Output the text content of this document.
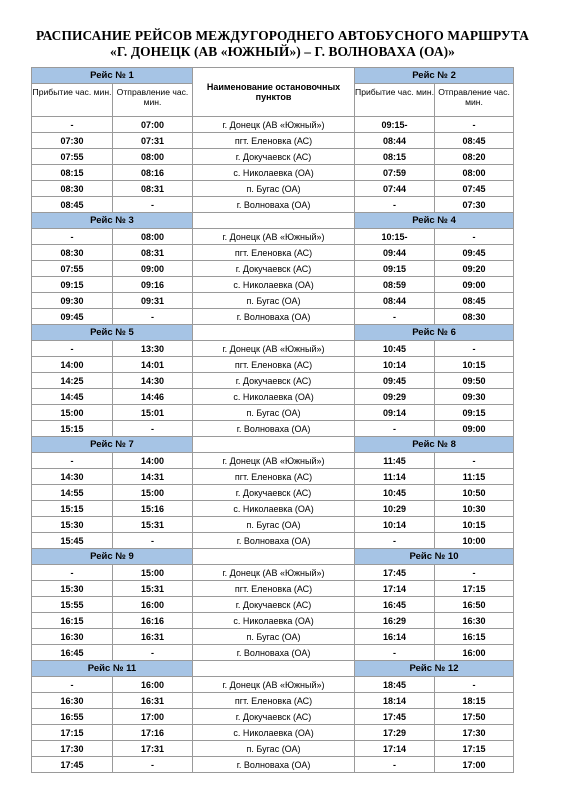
РАСПИСАНИЕ РЕЙСОВ МЕЖДУГОРОДНЕГО АВТОБУСНОГО МАРШРУТА
«Г. ДОНЕЦК (АВ «ЮЖНЫЙ») – Г. ВОЛНОВАХА (ОА)»
Рейс № 1		Наименование остановочных пунктов	Рейс № 2	
Прибытие час. мин.	Отправление час. мин.		Прибытие час. мин.	Отправление час. мин.
-	07:00	г. Донецк (АВ «Южный»)	09:15-	-
07:30	07:31	пгт. Еленовка (АС)	08:44	08:45
07:55	08:00	г. Докучаевск (АС)	08:15	08:20
08:15	08:16	с. Николаевка (ОА)	07:59	08:00
08:30	08:31	п. Бугас (ОА)	07:44	07:45
08:45	-	г. Волноваха (ОА)	-	07:30
Рейс № 3			Рейс № 4	
-	08:00	г. Донецк (АВ «Южный»)	10:15-	-
08:30	08:31	пгт. Еленовка (АС)	09:44	09:45
07:55	09:00	г. Докучаевск (АС)	09:15	09:20
09:15	09:16	с. Николаевка (ОА)	08:59	09:00
09:30	09:31	п. Бугас (ОА)	08:44	08:45
09:45	-	г. Волноваха (ОА)	-	08:30
Рейс № 5			Рейс № 6	
-	13:30	г. Донецк (АВ «Южный»)	10:45	-
14:00	14:01	пгт. Еленовка (АС)	10:14	10:15
14:25	14:30	г. Докучаевск (АС)	09:45	09:50
14:45	14:46	с. Николаевка (ОА)	09:29	09:30
15:00	15:01	п. Бугас (ОА)	09:14	09:15
15:15	-	г. Волноваха (ОА)	-	09:00
Рейс № 7			Рейс № 8	
-	14:00	г. Донецк (АВ «Южный»)	11:45	-
14:30	14:31	пгт. Еленовка (АС)	11:14	11:15
14:55	15:00	г. Докучаевск (АС)	10:45	10:50
15:15	15:16	с. Николаевка (ОА)	10:29	10:30
15:30	15:31	п. Бугас (ОА)	10:14	10:15
15:45	-	г. Волноваха (ОА)	-	10:00
Рейс № 9			Рейс № 10	
-	15:00	г. Донецк (АВ «Южный»)	17:45	-
15:30	15:31	пгт. Еленовка (АС)	17:14	17:15
15:55	16:00	г. Докучаевск (АС)	16:45	16:50
16:15	16:16	с. Николаевка (ОА)	16:29	16:30
16:30	16:31	п. Бугас (ОА)	16:14	16:15
16:45	-	г. Волноваха (ОА)	-	16:00
Рейс № 11			Рейс № 12	
-	16:00	г. Донецк (АВ «Южный»)	18:45	-
16:30	16:31	пгт. Еленовка (АС)	18:14	18:15
16:55	17:00	г. Докучаевск (АС)	17:45	17:50
17:15	17:16	с. Николаевка (ОА)	17:29	17:30
17:30	17:31	п. Бугас (ОА)	17:14	17:15
17:45	-	г. Волноваха (ОА)	-	17:00
